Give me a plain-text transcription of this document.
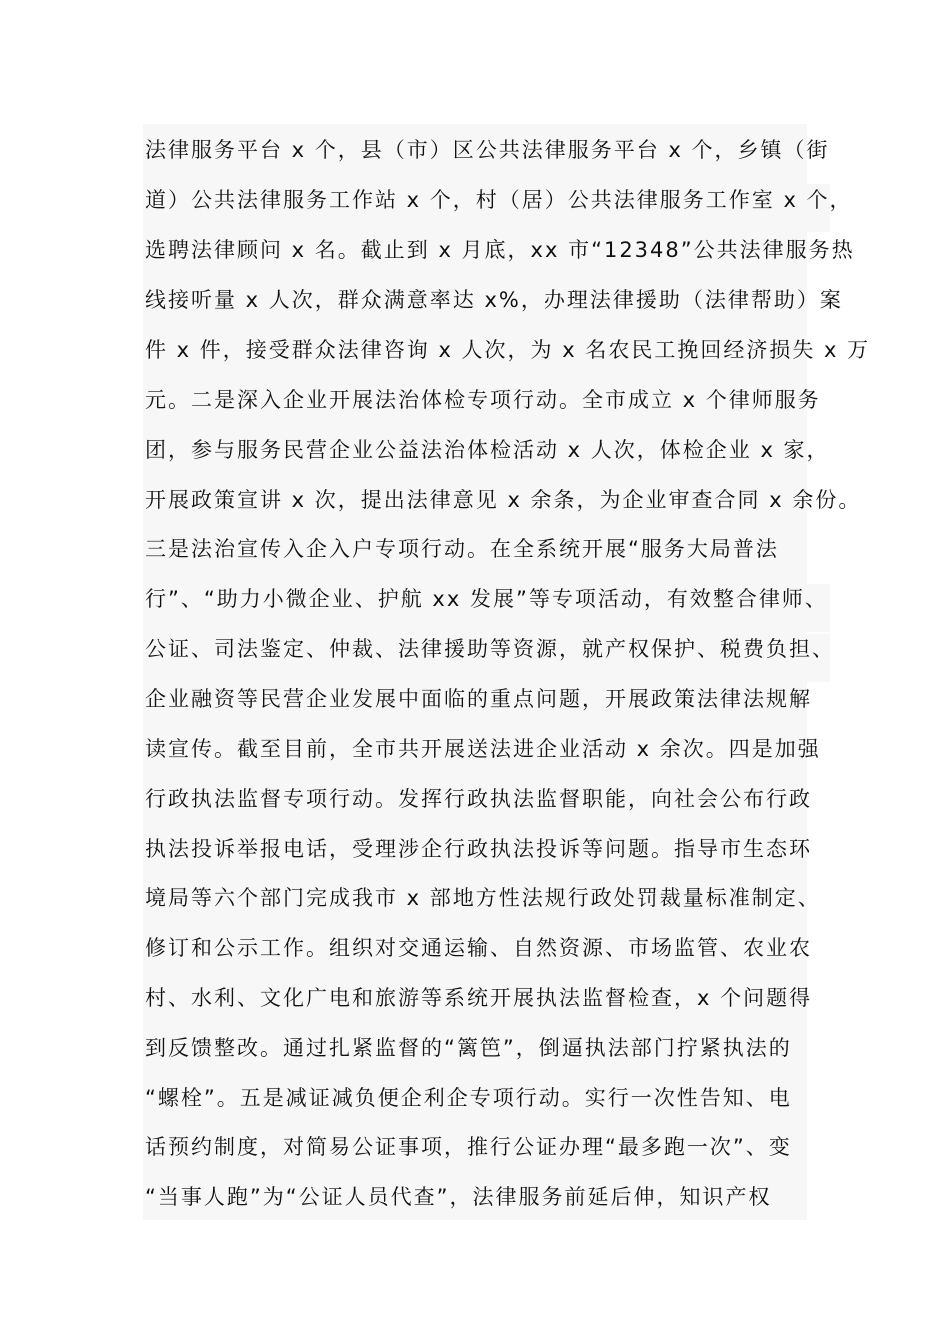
法律服务平台 x 个，县（市）区公共法律服务平台 x 个，乡镇（街
道）公共法律服务工作站 x 个，村（居）公共法律服务工作室 x 个，
选聘法律顾问 x 名。截止到 x 月底，xx 市“12348”公共法律服务热
线接听量 x 人次，群众满意率达 x%，办理法律援助（法律帮助）案
件 x 件，接受群众法律咨询 x 人次，为 x 名农民工挽回经济损失 x 万
元。二是深入企业开展法治体检专项行动。全市成立 x 个律师服务
团，参与服务民营企业公益法治体检活动 x 人次，体检企业 x 家，
开展政策宣讲 x 次，提出法律意见 x 余条，为企业审查合同 x 余份。
三是法治宣传入企入户专项行动。在全系统开展“服务大局普法
行”、“助力小微企业、护航 xx 发展”等专项活动，有效整合律师、
公证、司法鉴定、仲裁、法律援助等资源，就产权保护、税费负担、
企业融资等民营企业发展中面临的重点问题，开展政策法律法规解
读宣传。截至目前，全市共开展送法进企业活动 x 余次。四是加强
行政执法监督专项行动。发挥行政执法监督职能，向社会公布行政
执法投诉举报电话，受理涉企行政执法投诉等问题。指导市生态环
境局等六个部门完成我市 x 部地方性法规行政处罚裁量标准制定、
修订和公示工作。组织对交通运输、自然资源、市场监管、农业农
村、水利、文化广电和旅游等系统开展执法监督检查，x 个问题得
到反馈整改。通过扎紧监督的“篱笆”，倒逼执法部门拧紧执法的
“螺栓”。五是减证减负便企利企专项行动。实行一次性告知、电
话预约制度，对简易公证事项，推行公证办理“最多跑一次”、变
“当事人跑”为“公证人员代查”，法律服务前延后伸，知识产权
